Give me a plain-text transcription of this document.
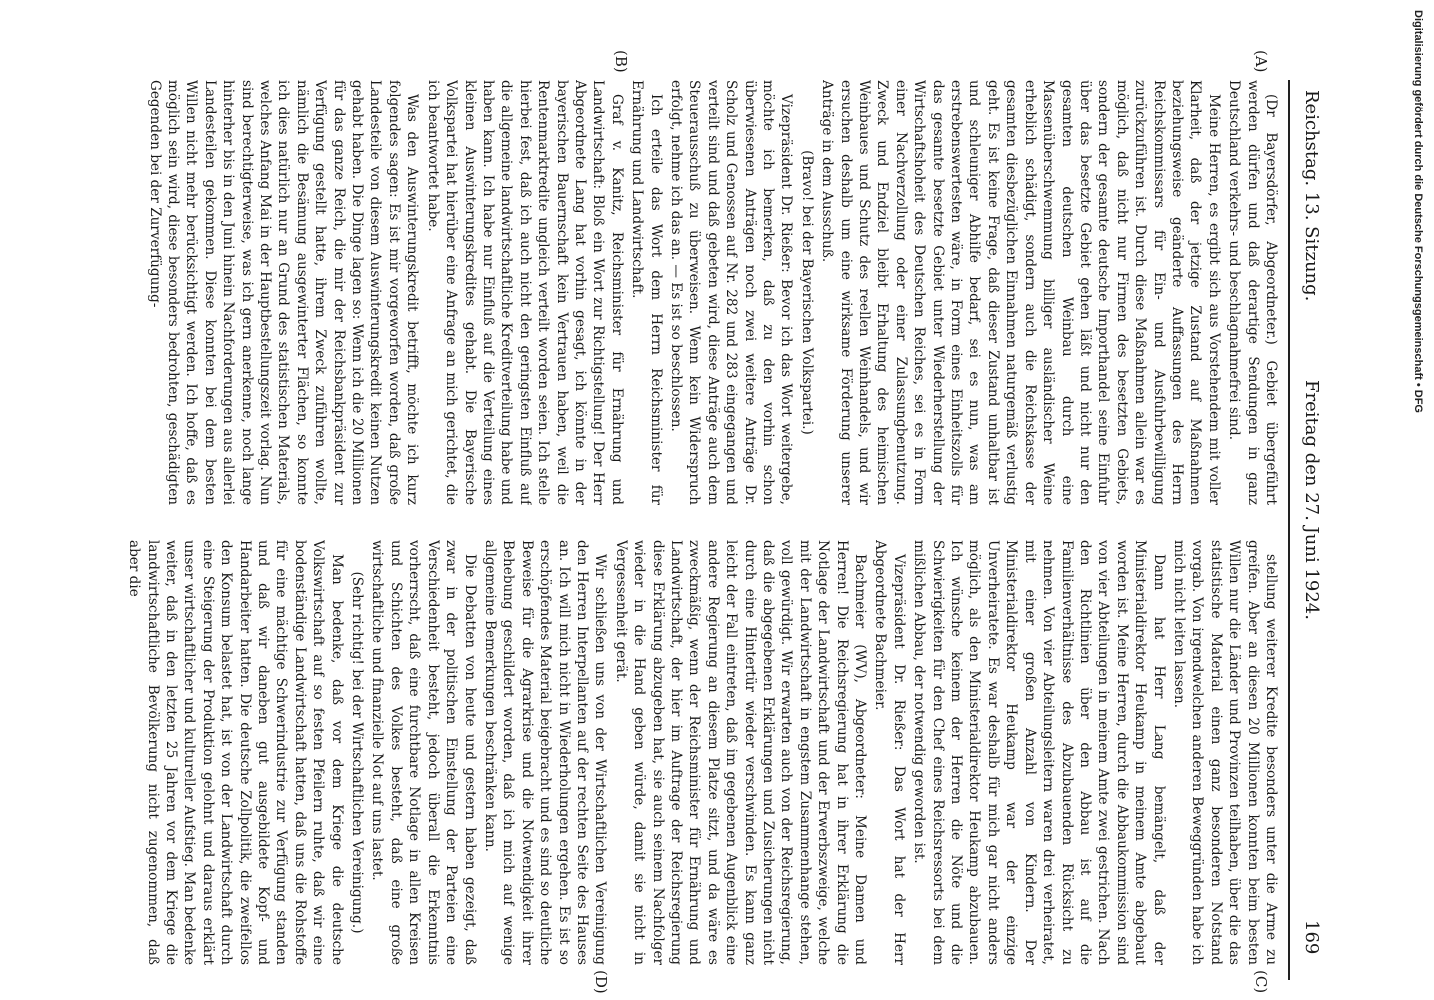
Reichstag. 13. Sitzung.
Freitag den 27. Juni 1924.
169

(Dr Bayersdörfer, Abgeordneter.) Gebiet übergeführt werden dürfen und daß derartige Sendungen in ganz Deutschland verkehrs- und beschlagnahmefrei sind.

Meine Herren, es ergibt sich aus Vorstehendem mit voller Klarheit, daß der jetzige Zustand auf Maßnahmen beziehungsweise geänderte Auffassungen des Herrn Reichskommissars für Ein- und Ausfuhrbewilligung zurückzuführen ist. Durch diese Maßnahmen allein war es möglich, daß nicht nur Firmen des besetzten Gebiets, sondern der gesamte deutsche Importhandel seine Einfuhr über das besetzte Gebiet gehen läßt und nicht nur den gesamten deutschen Weinbau durch eine Massenüberschwemmung billiger ausländischer Weine erheblich schädigt, sondern auch die Reichskasse der gesamten diesbezüglichen Einnahmen naturgemäß verlustig geht. Es ist keine Frage, daß dieser Zustand unhaltbar ist und schleuniger Abhilfe bedarf, sei es nun, was am erstrebenswertesten wäre, in Form eines Einheitszolls für das gesamte besetzte Gebiet unter Wiederherstellung der Wirtschaftshoheit des Deutschen Reiches, sei es in Form einer Nachverzollung oder einer Zulassungbenutzung. Zweck und Endziel bleibt Erhaltung des heimischen Weinbaues und Schutz des reellen Weinhandels, und wir ersuchen deshalb um eine wirksame Förderung unserer Anträge in dem Ausschuß.

(Bravo! bei der Bayerischen Volkspartei.)

Vizepräsident Dr. Rießer: Bevor ich das Wort weitergebe, möchte ich bemerken, daß zu den vorhin schon überwiesenen Anträgen noch zwei weitere Anträge Dr. Scholz und Genossen auf Nr. 282 und 283 eingegangen und verteilt sind und daß gebeten wird, diese Anträge auch dem Steuerausschuß zu überweisen. Wenn kein Widerspruch erfolgt, nehme ich das an. — Es ist so beschlossen.

Ich erteile das Wort dem Herrn Reichsminister für Ernährung und Landwirtschaft.

Graf v. Kanitz, Reichsminister für Ernährung und Landwirtschaft: Bloß ein Wort zur Richtigstellung! Der Herr Abgeordnete Lang hat vorhin gesagt, ich könnte in der bayerischen Bauernschaft kein Vertrauen haben, weil die Rentenmarktredite ungleich verteilt worden seien. Ich stelle hierbei fest, daß ich auch nicht den geringsten Einfluß auf die allgemeine landwirtschaftliche Kreditverteilung habe und haben kann. Ich habe nur Einfluß auf die Verteilung eines kleinen Auswinterungskredites gehabt. Die Bayerische Volkspartei hat hierüber eine Anfrage an mich gerichtet, die ich beantwortet habe.

Was den Auswinterungskredit betrifft, möchte ich kurz folgendes sagen: Es ist mir vorgeworfen worden, daß große Landesteile von diesem Auswinterungskredit keinen Nutzen gehabt haben. Die Dinge lagen so: Wenn ich die 20 Millionen für das ganze Reich, die mir der Reichsbankpräsident zur Verfügung gestellt hatte, ihrem Zweck zuführen wollte, nämlich die Besämung ausgewinterter Flächen, so konnte ich dies natürlich nur an Grund des statistischen Materials, welches Anfang Mai in der Hauptbestellungszeit vorlag. Nun sind berechtigterweise, was ich gern anerkenne, noch lange hinterher bis in den Juni hinein Nachforderungen aus allerlei Landesteilen gekommen. Diese konnten bei dem besten Willen nicht mehr berücksichtigt werden. Ich hoffe, daß es möglich sein wird, diese besonders bedrohten, geschädigten Gegenden bei der Zurverfügung-

stellung weiterer Kredite besonders unter die Arme zu greifen. Aber an diesen 20 Millionen konnten beim besten Willen nur die Länder und Provinzen teilhaben, über die das statistische Material einen ganz besonderen Notstand vorgab. Von irgendwelchen anderen Beweggründen habe ich mich nicht leiten lassen.

Dann hat Herr Lang bemängelt, daß der Ministerialdirektor Heukamp in meinem Amte abgebaut worden ist. Meine Herren, durch die Abbaukommission sind von vier Abteilungen in meinem Amte zwei gestrichen. Nach den Richtlinien über den Abbau ist auf die Familienverhältnisse des Abzubauenden Rücksicht zu nehmen. Von vier Abteilungsleitern waren drei verheiratet, mit einer großen Anzahl von Kindern. Der Ministerialdirektor Heukamp war der einzige Unverheiratete. Es war deshalb für mich gar nicht anders möglich, als den Ministerialdirektor Heukamp abzubauen. Ich wünsche keinem der Herren die Nöte und die Schwierigkeiten für den Chef eines Reichsressorts bei dem mißlichen Abbau, der notwendig geworden ist.

Vizepräsident Dr. Rießer: Das Wort hat der Herr Abgeordnete Bachmeier.

Bachmeier (WV), Abgeordneter: Meine Damen und Herren! Die Reichsregierung hat in ihrer Erklärung die Notlage der Landwirtschaft und der Erwerbszweige, welche mit der Landwirtschaft in engstem Zusammenhange stehen, voll gewürdigt. Wir erwarten auch von der Reichsregierung, daß die abgegebenen Erklärungen und Zusicherungen nicht durch eine Hintertür wieder verschwinden. Es kann ganz leicht der Fall eintreten, daß im gegebenen Augenblick eine andere Regierung an diesem Platze sitzt, und da wäre es zweckmäßig, wenn der Reichsminister für Ernährung und Landwirtschaft, der hier im Auftrage der Reichsregierung diese Erklärung abzugeben hat, sie auch seinem Nachfolger wieder in die Hand geben würde, damit sie nicht in Vergessenheit gerät.

Wir schließen uns von der Wirtschaftlichen Vereinigung den Herren Interpellanten auf der rechten Seite des Hauses an. Ich will mich nicht in Wiederholungen ergehen. Es ist so erschöpfendes Material beigebracht und es sind so deutliche Beweise für die Agrarkrise und die Notwendigkeit ihrer Behebung geschildert worden, daß ich mich auf wenige allgemeine Bemerkungen beschränken kann.

Die Debatten von heute und gestern haben gezeigt, daß zwar in der politischen Einstellung der Parteien eine Verschiedenheit besteht, jedoch überall die Erkenntnis vorherrscht, daß eine furchtbare Notlage in allen Kreisen und Schichten des Volkes besteht, daß eine große wirtschaftliche und finanzielle Not auf uns lastet.

(Sehr richtig! bei der Wirtschaftlichen Vereinigung.)

Man bedenke, daß vor dem Kriege die deutsche Volkswirtschaft auf so festen Pfeilern ruhte, daß wir eine bodenständige Landwirtschaft hatten, daß uns die Rohstoffe für eine mächtige Schwerindustrie zur Verfügung standen und daß wir daneben gut ausgebildete Kopf- und Handarbeiter hatten. Die deutsche Zollpolitik, die zweifellos den Konsum belastet hat, ist von der Landwirtschaft durch eine Steigerung der Produktion gelohnt und daraus erklärt unser wirtschaftlicher und kultureller Aufstieg. Man bedenke weiter, daß in den letzten 25 Jahren vor dem Kriege die landwirtschaftliche Bevölkerung nicht zugenommen, daß aber die

(A)
(B)
(C)
(D)
Digitalisierung gefördert durch die Deutsche Forschungsgemeinschaft • DFG
